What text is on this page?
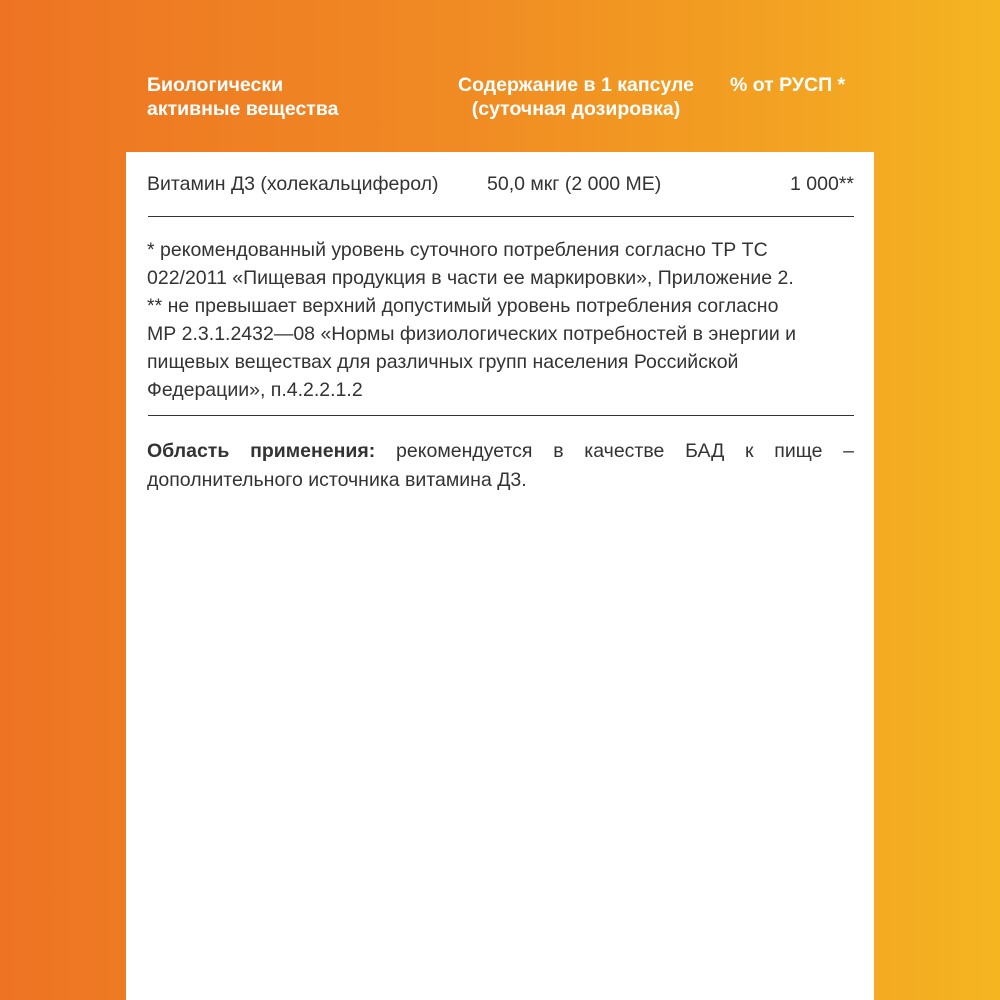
Биологически
активные вещества
Содержание в 1 капсуле
(суточная дозировка)
% от РУСП *
Витамин Д3 (холекальциферол) 50,0 мкг (2 000 МЕ)	1 000**
* рекомендованный уровень суточного потребления согласно ТР ТС
022/2011 «Пищевая продукция в части ее маркировки», Приложение 2.
** не превышает верхний допустимый уровень потребления согласно
МР 2.3.1.2432—08 «Нормы физиологических потребностей в энергии и
пищевых веществах для различных групп населения Российской
Федерации», п.4.2.2.1.2
Область применения: рекомендуется в качестве БАД к пище –
дополнительного источника витамина Д3.
